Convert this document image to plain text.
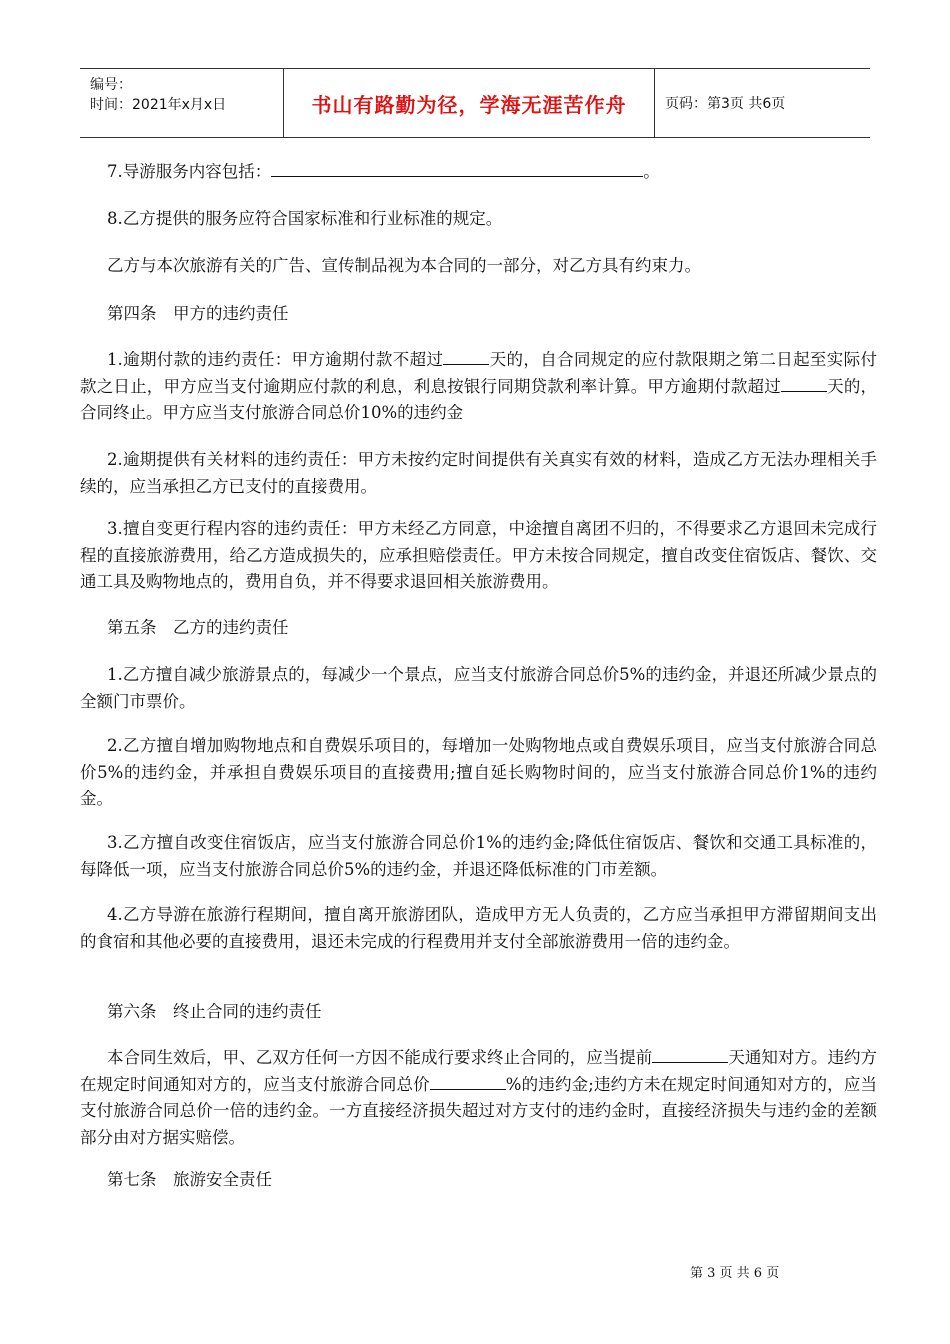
编号：
时间：2021年x月x日	书山有路勤为径，学海无涯苦作舟	页码：第3页 共6页

7.导游服务内容包括：	。

8.乙方提供的服务应符合国家标准和行业标准的规定。

乙方与本次旅游有关的广告、宣传制品视为本合同的一部分，对乙方具有约束力。

第四条　甲方的违约责任

1.逾期付款的违约责任：甲方逾期付款不超过	天的，自合同规定的应付款限期之第二日起至实际付款之日止，甲方应当支付逾期应付款的利息，利息按银行同期贷款利率计算。甲方逾期付款超过	天的，合同终止。甲方应当支付旅游合同总价10%的违约金

2.逾期提供有关材料的违约责任：甲方未按约定时间提供有关真实有效的材料，造成乙方无法办理相关手续的，应当承担乙方已支付的直接费用。

3.擅自变更行程内容的违约责任：甲方未经乙方同意，中途擅自离团不归的，不得要求乙方退回未完成行程的直接旅游费用，给乙方造成损失的，应承担赔偿责任。甲方未按合同规定，擅自改变住宿饭店、餐饮、交通工具及购物地点的，费用自负，并不得要求退回相关旅游费用。

第五条　乙方的违约责任

1.乙方擅自减少旅游景点的，每减少一个景点，应当支付旅游合同总价5%的违约金，并退还所减少景点的全额门市票价。

2.乙方擅自增加购物地点和自费娱乐项目的，每增加一处购物地点或自费娱乐项目，应当支付旅游合同总价5%的违约金，并承担自费娱乐项目的直接费用;擅自延长购物时间的，应当支付旅游合同总价1%的违约金。

3.乙方擅自改变住宿饭店，应当支付旅游合同总价1%的违约金;降低住宿饭店、餐饮和交通工具标准的，每降低一项，应当支付旅游合同总价5%的违约金，并退还降低标准的门市差额。

4.乙方导游在旅游行程期间，擅自离开旅游团队，造成甲方无人负责的，乙方应当承担甲方滞留期间支出的食宿和其他必要的直接费用，退还未完成的行程费用并支付全部旅游费用一倍的违约金。

第六条　终止合同的违约责任

本合同生效后，甲、乙双方任何一方因不能成行要求终止合同的，应当提前	天通知对方。违约方在规定时间通知对方的，应当支付旅游合同总价	%的违约金;违约方未在规定时间通知对方的，应当支付旅游合同总价一倍的违约金。一方直接经济损失超过对方支付的违约金时，直接经济损失与违约金的差额部分由对方据实赔偿。

第七条　旅游安全责任

第 3 页 共 6 页
